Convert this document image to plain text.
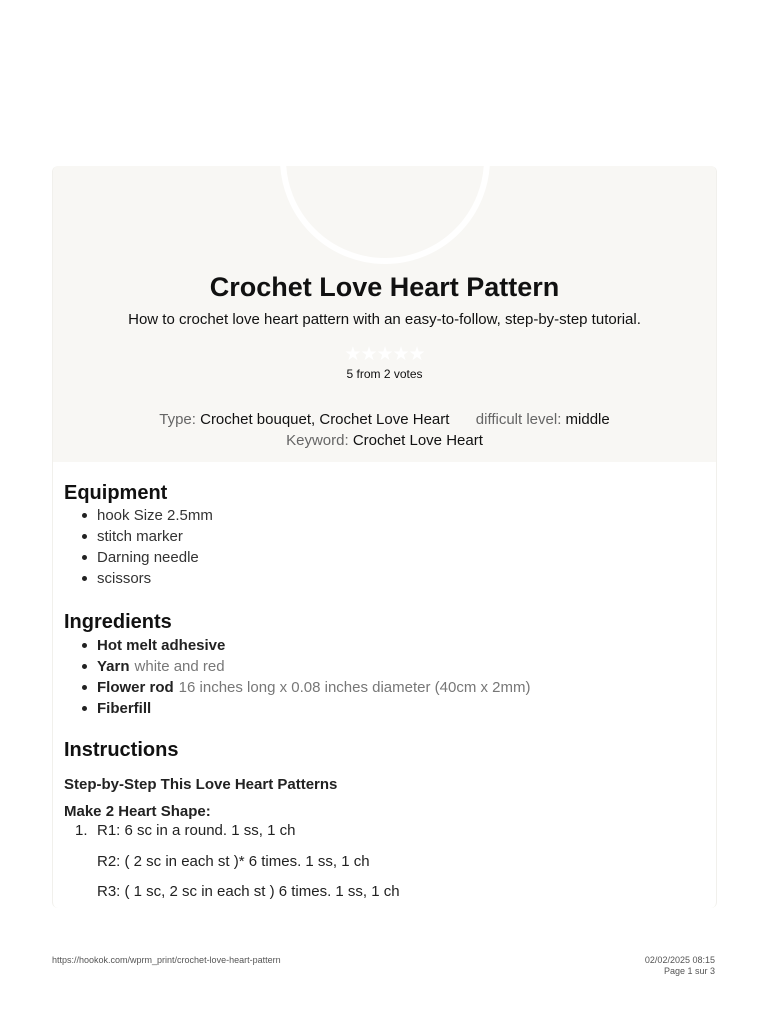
Crochet Love Heart Pattern

How to crochet love heart pattern with an easy-to-follow, step-by-step tutorial.

★★★★★
5 from 2 votes
Type: Crochet bouquet, Crochet Love Heart difficult level: middle
Keyword: Crochet Love Heart
Equipment
hook Size 2.5mm
stitch marker
Darning needle
scissors
Ingredients
Hot melt adhesive
Yarn white and red
Flower rod 16 inches long x 0.08 inches diameter (40cm x 2mm)
Fiberfill
Instructions
Step-by-Step This Love Heart Patterns
Make 2 Heart Shape:
1. R1: 6 sc in a round. 1 ss, 1 ch
R2: ( 2 sc in each st )* 6 times. 1 ss, 1 ch
R3: ( 1 sc, 2 sc in each st ) 6 times. 1 ss, 1 ch
https://hookok.com/wprm_print/crochet-love-heart-pattern	02/02/2025 08:15
Page 1 sur 3
